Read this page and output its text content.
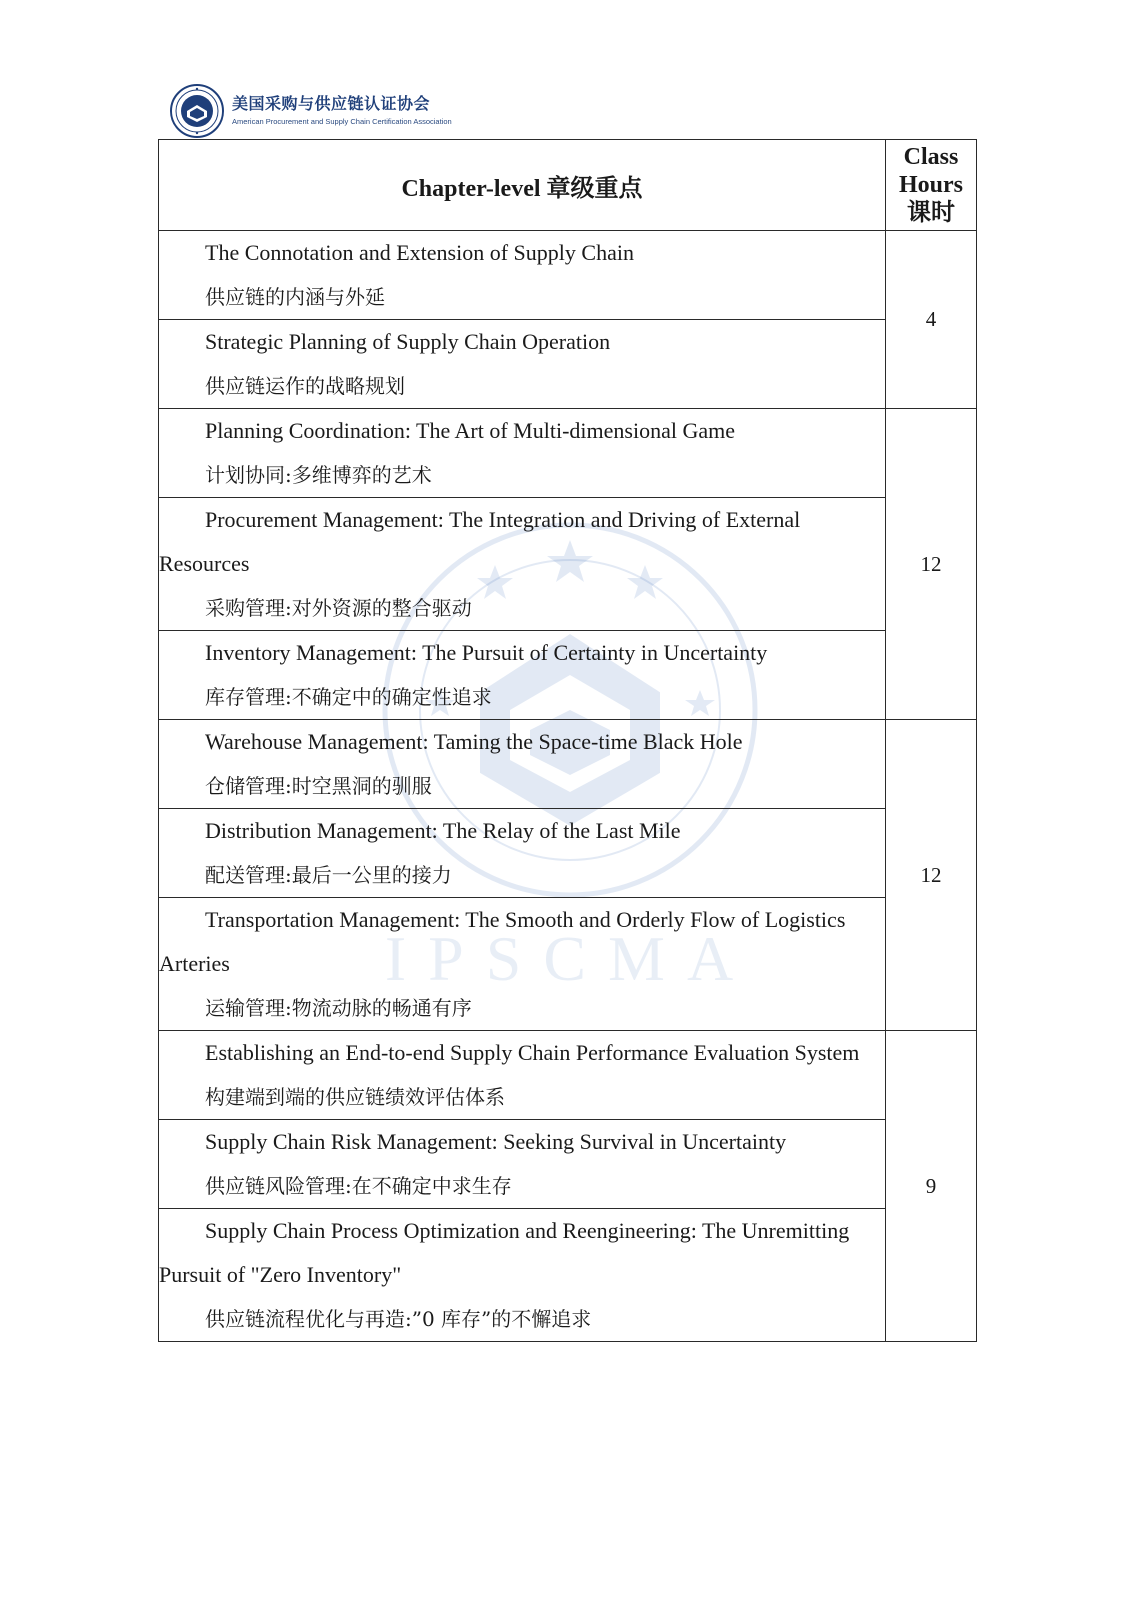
美国采购与供应链认证协会
American Procurement and Supply Chain Certification Association
IPSCMA
Chapter-level 章级重点	Class
Hours
课时

The Connotation and Extension of Supply Chain

供应链的内涵与外延	4

Strategic Planning of Supply Chain Operation

供应链运作的战略规划	

Planning Coordination: The Art of Multi-dimensional Game

计划协同:多维博弈的艺术	12

Procurement Management: The Integration and Driving of External Resources

采购管理:对外资源的整合驱动	

Inventory Management: The Pursuit of Certainty in Uncertainty

库存管理:不确定中的确定性追求	

Warehouse Management: Taming the Space-time Black Hole

仓储管理:时空黑洞的驯服	12

Distribution Management: The Relay of the Last Mile

配送管理:最后一公里的接力	

Transportation Management: The Smooth and Orderly Flow of Logistics Arteries

运输管理:物流动脉的畅通有序	

Establishing an End-to-end Supply Chain Performance Evaluation System

构建端到端的供应链绩效评估体系	9

Supply Chain Risk Management: Seeking Survival in Uncertainty

供应链风险管理:在不确定中求生存	

Supply Chain Process Optimization and Reengineering: The Unremitting Pursuit of "Zero Inventory"

供应链流程优化与再造:”0 库存”的不懈追求	
